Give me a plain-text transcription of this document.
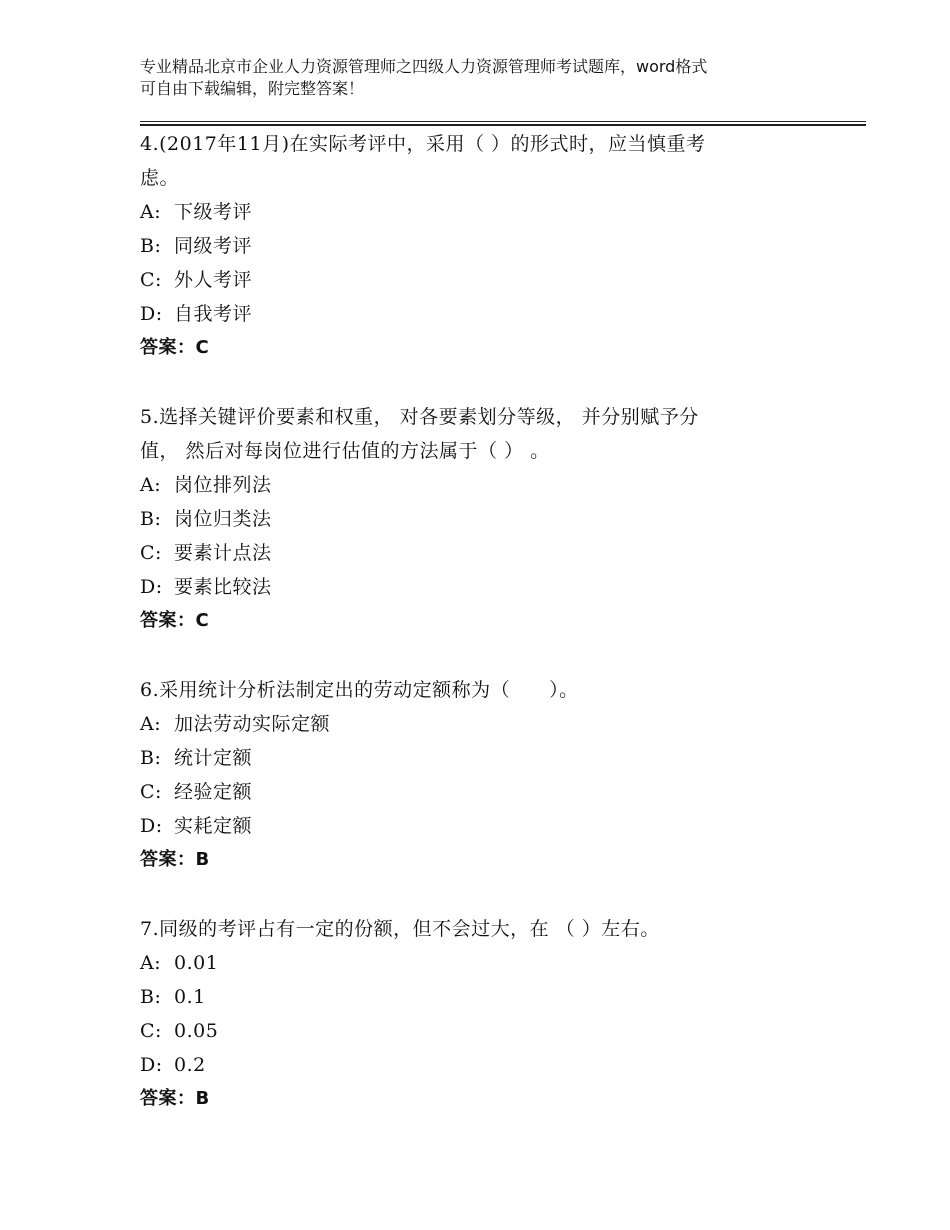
专业精品北京市企业人力资源管理师之四级人力资源管理师考试题库，word格式
可自由下载编辑，附完整答案！
4.(2017年11月)在实际考评中，采用（ ）的形式时，应当慎重考
虑。
A: 下级考评
B: 同级考评
C: 外人考评
D: 自我考评
答案：C
5.选择关键评价要素和权重， 对各要素划分等级， 并分别赋予分
值， 然后对每岗位进行估值的方法属于（ ） 。
A: 岗位排列法
B: 岗位归类法
C: 要素计点法
D: 要素比较法
答案：C
6.采用统计分析法制定出的劳动定额称为（　　）。
A: 加法劳动实际定额
B: 统计定额
C: 经验定额
D: 实耗定额
答案：B
7.同级的考评占有一定的份额，但不会过大，在 （ ）左右。
A: 0.01
B: 0.1
C: 0.05
D: 0.2
答案：B
